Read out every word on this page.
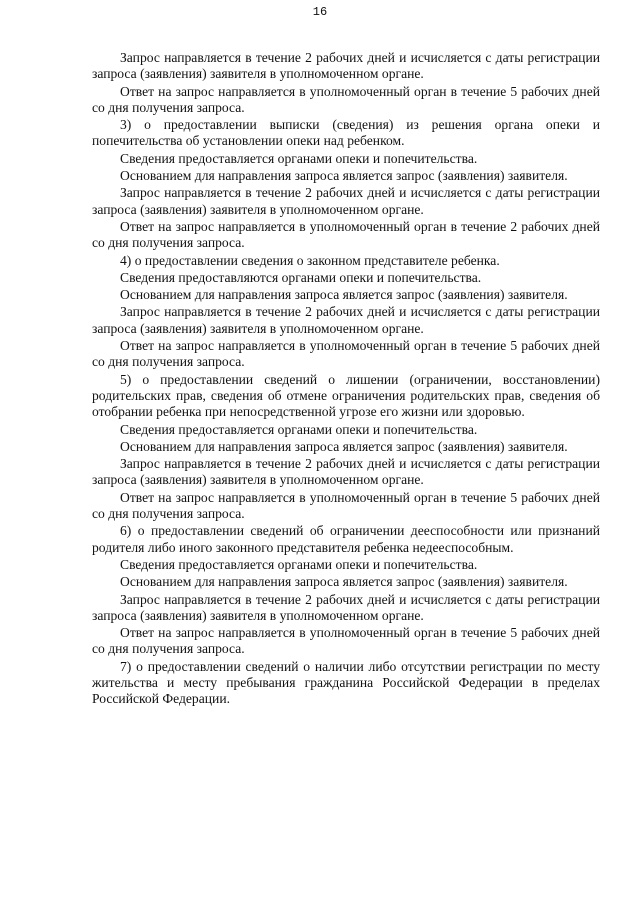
16

Запрос направляется в течение 2 рабочих дней и исчисляется с даты регистрации запроса (заявления) заявителя в уполномоченном органе.

Ответ на запрос направляется в уполномоченный орган в течение 5 рабочих дней со дня получения запроса.

3) о предоставлении выписки (сведения) из решения органа опеки и попечительства об установлении опеки над ребенком.

Сведения предоставляется органами опеки и попечительства.

Основанием для направления запроса является запрос (заявления) заявителя.

Запрос направляется в течение 2 рабочих дней и исчисляется с даты регистрации запроса (заявления) заявителя в уполномоченном органе.

Ответ на запрос направляется в уполномоченный орган в течение 2 рабочих дней со дня получения запроса.

4) о предоставлении сведения о законном представителе ребенка.

Сведения предоставляются органами опеки и попечительства.

Основанием для направления запроса является запрос (заявления) заявителя.

Запрос направляется в течение 2 рабочих дней и исчисляется с даты регистрации запроса (заявления) заявителя в уполномоченном органе.

Ответ на запрос направляется в уполномоченный орган в течение 5 рабочих дней со дня получения запроса.

5) о предоставлении сведений о лишении (ограничении, восстановлении) родительских прав, сведения об отмене ограничения родительских прав, сведения об отобрании ребенка при непосредственной угрозе его жизни или здоровью.

Сведения предоставляется органами опеки и попечительства.

Основанием для направления запроса является запрос (заявления) заявителя.

Запрос направляется в течение 2 рабочих дней и исчисляется с даты регистрации запроса (заявления) заявителя в уполномоченном органе.

Ответ на запрос направляется в уполномоченный орган в течение 5 рабочих дней со дня получения запроса.

6) о предоставлении сведений об ограничении дееспособности или признаний родителя либо иного законного представителя ребенка недееспособным.

Сведения предоставляется органами опеки и попечительства.

Основанием для направления запроса является запрос (заявления) заявителя.

Запрос направляется в течение 2 рабочих дней и исчисляется с даты регистрации запроса (заявления) заявителя в уполномоченном органе.

Ответ на запрос направляется в уполномоченный орган в течение 5 рабочих дней со дня получения запроса.

7) о предоставлении сведений о наличии либо отсутствии регистрации по месту жительства и месту пребывания гражданина Российской Федерации в пределах Российской Федерации.
